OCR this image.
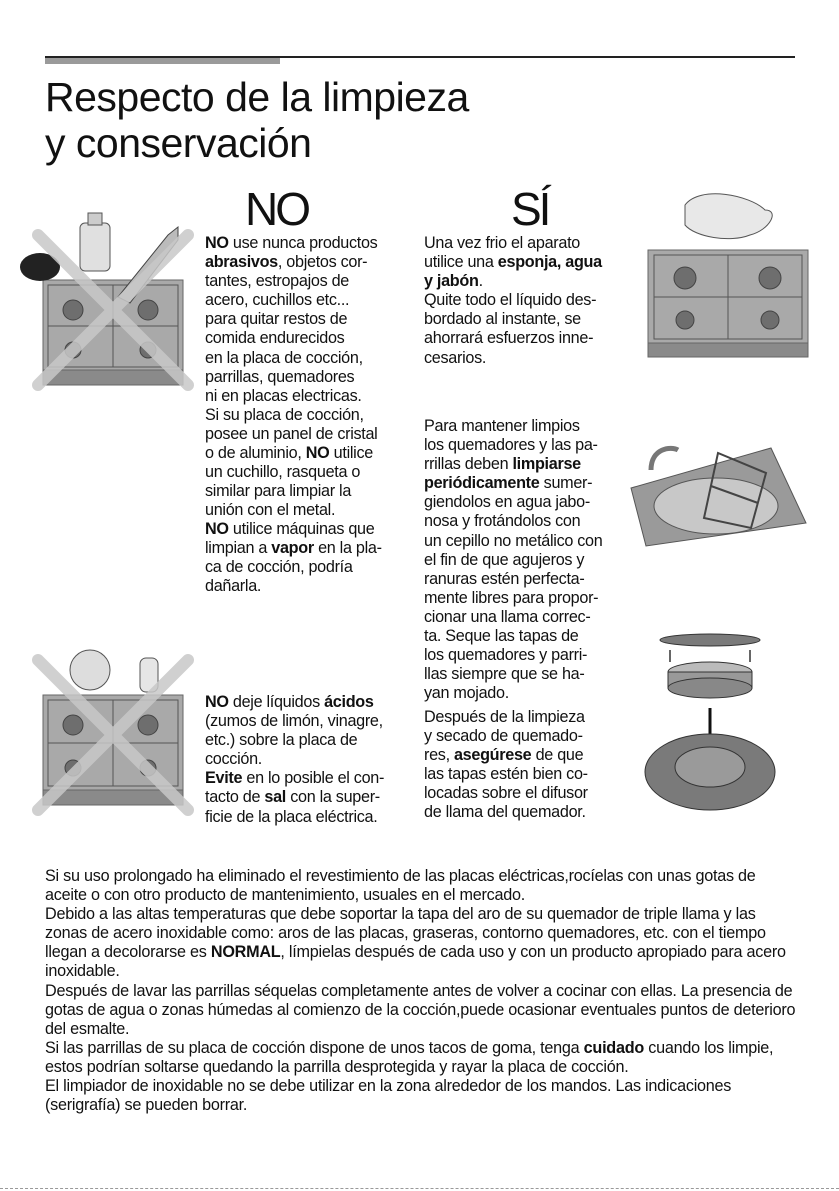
Respecto de la limpieza
y conservación
NO	SÍ

NO use nunca productos
abrasivos, objetos cor-
tantes, estropajos de
acero, cuchillos etc...
para quitar restos de
comida endurecidos
en la placa de cocción,
parrillas, quemadores
ni en placas electricas.
Si su placa de cocción,
posee un panel de cristal
o de aluminio, NO utilice
un cuchillo, rasqueta o
similar para limpiar la
unión con el metal.

NO utilice máquinas que
limpian a vapor en la pla-
ca de cocción, podría
dañarla.

NO deje líquidos ácidos
(zumos de limón, vinagre,
etc.) sobre la placa de
cocción.
Evite en lo posible el con-
tacto de sal con la super-
ficie de la placa eléctrica.

Una vez frio el aparato
utilice una esponja, agua
y jabón.
Quite todo el líquido des-
bordado al instante, se
ahorrará esfuerzos inne-
cesarios.

Para mantener limpios
los quemadores y las pa-
rrillas deben limpiarse
periódicamente sumer-
giendolos en agua jabo-
nosa y frotándolos con
un cepillo no metálico con
el fin de que agujeros y
ranuras estén perfecta-
mente libres para propor-
cionar una llama correc-
ta. Seque las tapas de
los quemadores y parri-
llas siempre que se ha-
yan mojado.

Después de la limpieza
y secado de quemado-
res, asegúrese de que
las tapas estén bien co-
locadas sobre el difusor
de llama del quemador.

Si su uso prolongado ha eliminado el revestimiento de las placas eléctricas,rocíelas con unas gotas de aceite o con otro producto de mantenimiento, usuales en el mercado.

Debido a las altas temperaturas que debe soportar la tapa del aro de su quemador de triple llama y las zonas de acero inoxidable como: aros de las placas, graseras, contorno quemadores, etc. con el tiempo llegan a decolorarse es NORMAL, límpielas después de cada uso y con un producto apropiado para acero inoxidable.

Después de lavar las parrillas séquelas completamente antes de volver a cocinar con ellas. La presencia de gotas de agua o zonas húmedas al comienzo de la cocción,puede ocasionar eventuales puntos de deterioro del esmalte.

Si las parrillas de su placa de cocción dispone de unos tacos de goma, tenga cuidado cuando los limpie, estos podrían soltarse quedando la parrilla desprotegida y rayar la placa de cocción.

El limpiador de inoxidable no se debe utilizar en la zona alrededor de los mandos. Las indicaciones (serigrafía) se pueden borrar.
